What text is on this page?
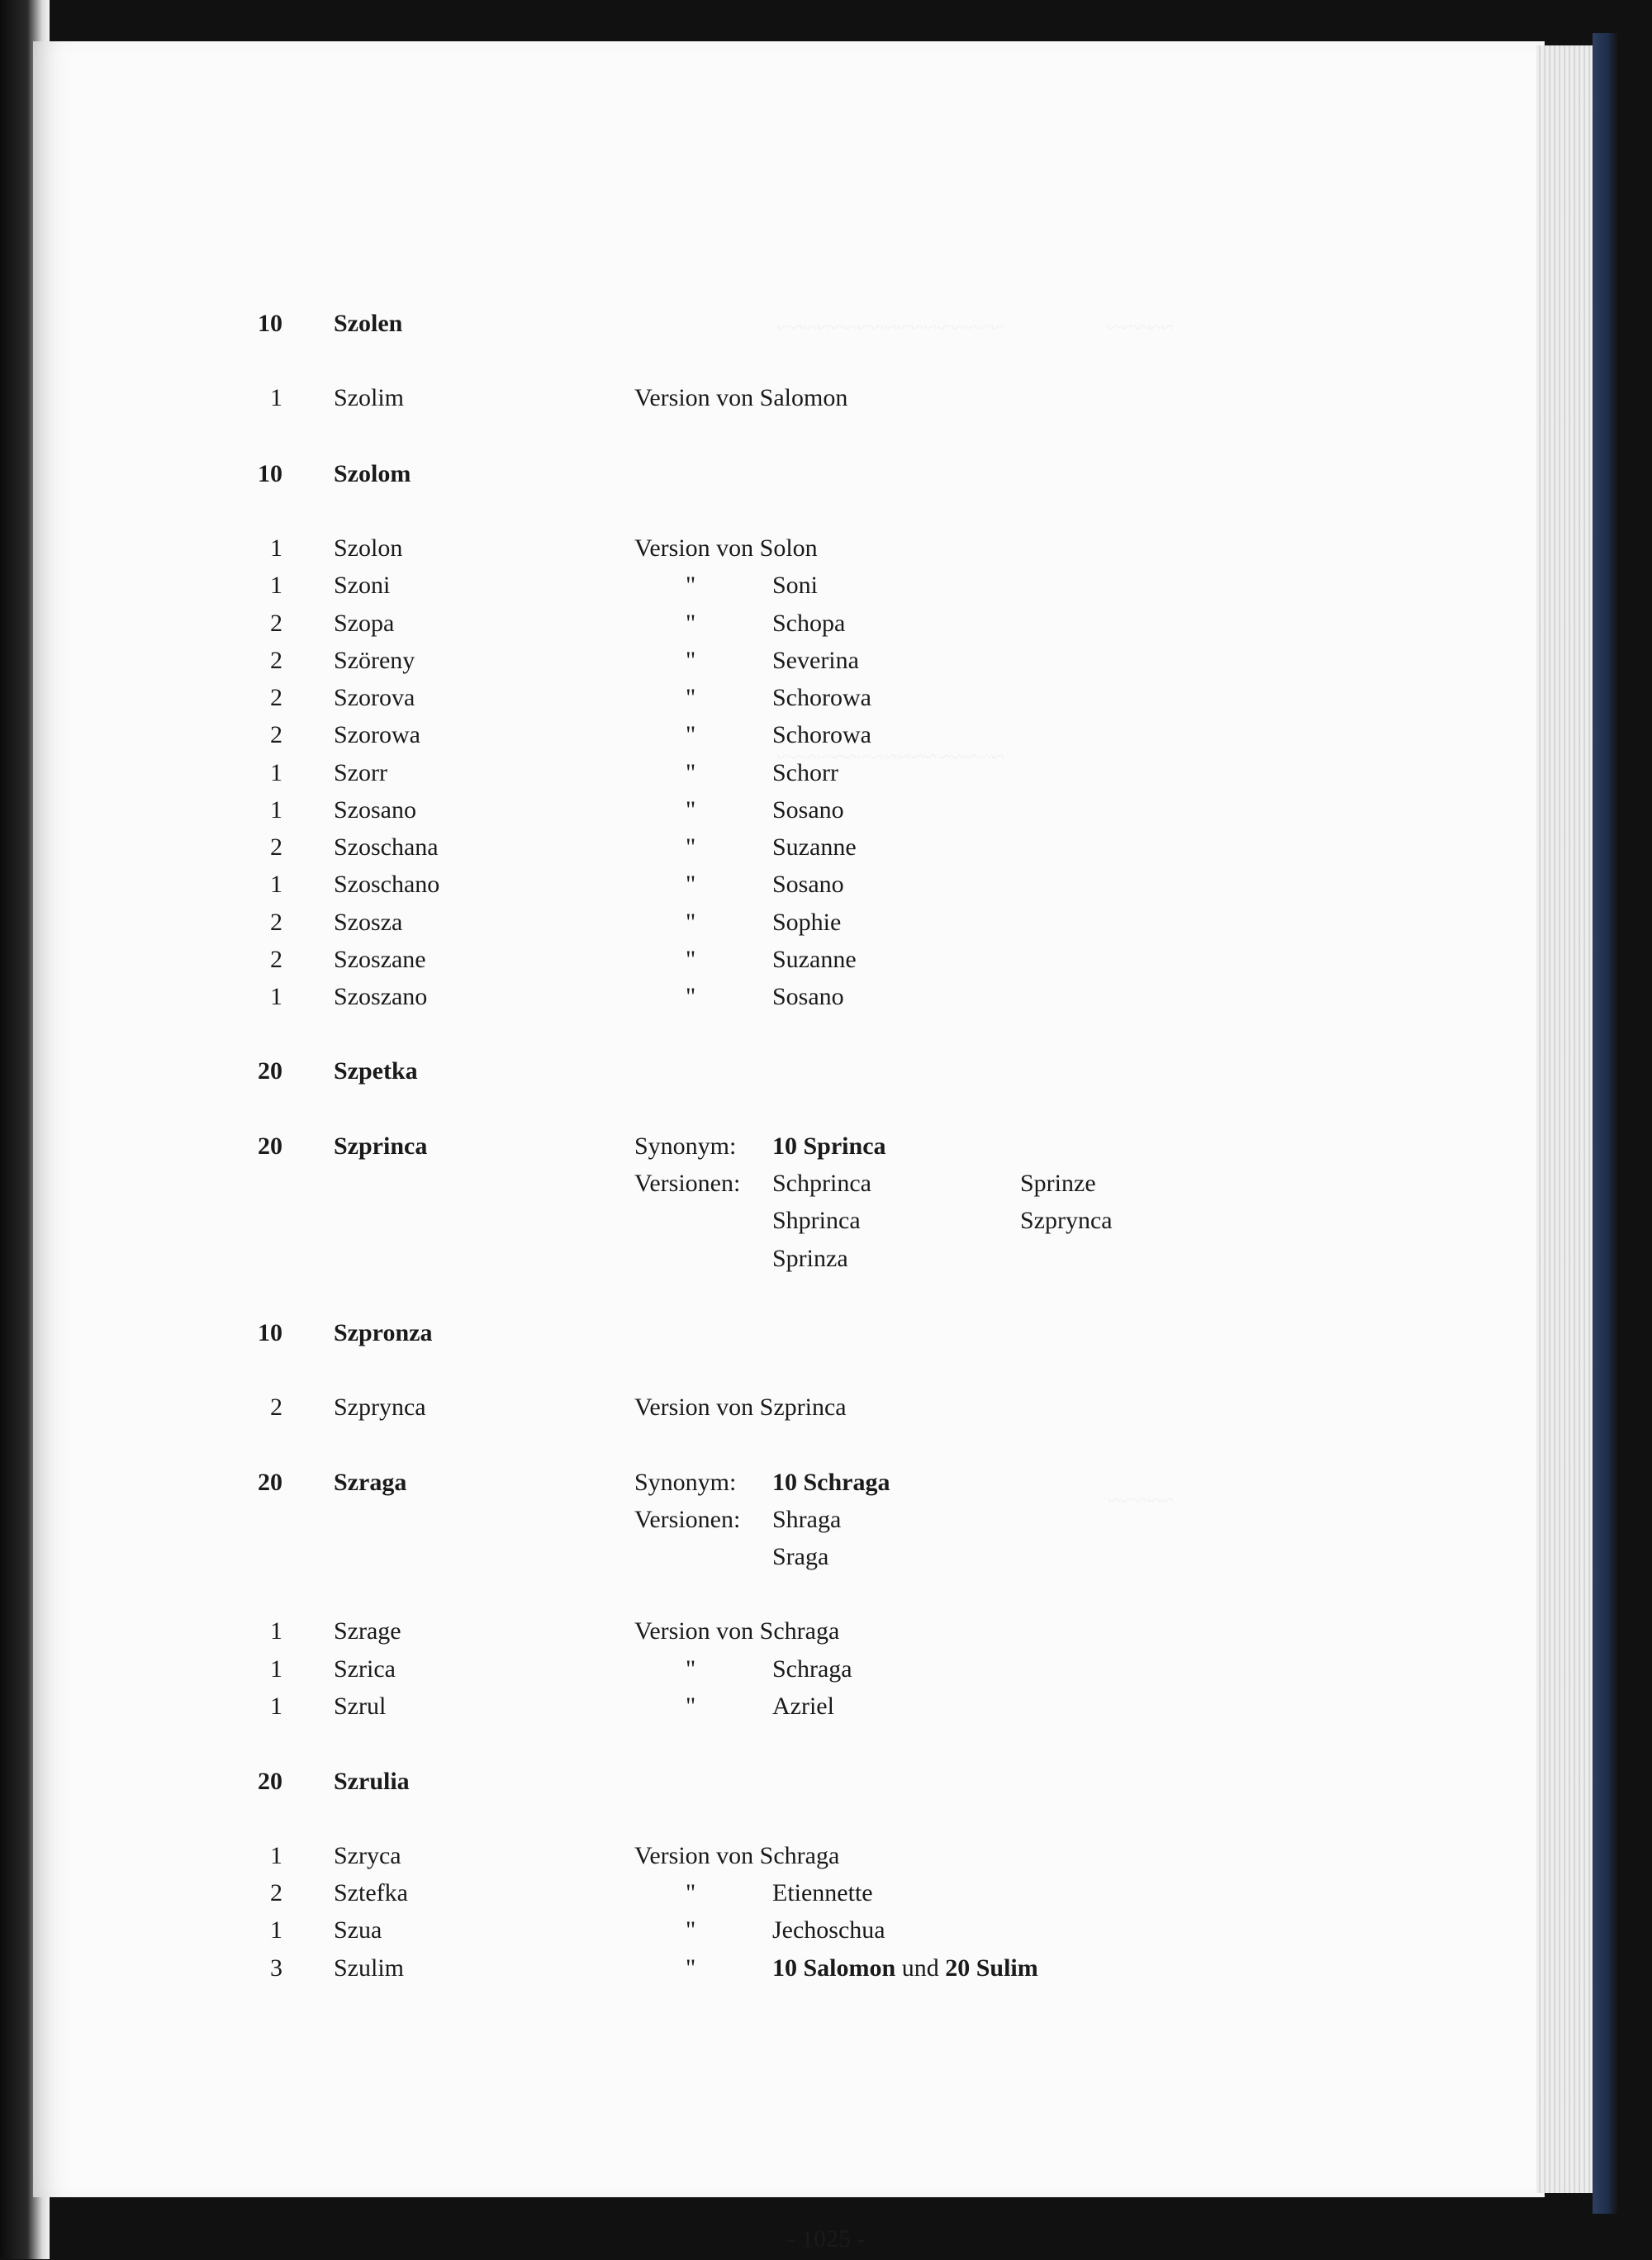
10 Szolen
1 Szolim	Version von Salomon
10 Szolom
1 Szolon	Version von Solon
1 Szoni	"	Soni
2 Szopa	"	Schopa
2 Szöreny	"	Severina
2 Szorova	"	Schorowa
2 Szorowa	"	Schorowa
1 Szorr	"	Schorr
1 Szosano	"	Sosano
2 Szoschana	"	Suzanne
1 Szoschano	"	Sosano
2 Szosza	"	Sophie
2 Szoszane	"	Suzanne
1 Szoszano	"	Sosano
20 Szpetka
20 Szprinca	Synonym: 10 Sprinca
Versionen: Schprinca	Sprinze
Shprinca	Szprynca
Sprinza
10 Szpronza
2 Szprynca	Version von Szprinca
20 Szraga	Synonym: 10 Schraga
Versionen: Shraga
Sraga
1 Szrage	Version von Schraga
1 Szrica	"	Schraga
1 Szrul	"	Azriel
20 Szrulia
1 Szryca	Version von Schraga
2 Sztefka	"	Etiennette
1 Szua	"	Jechoschua
3 Szulim	"	10 Salomon und 20 Sulim
- 1025 -
